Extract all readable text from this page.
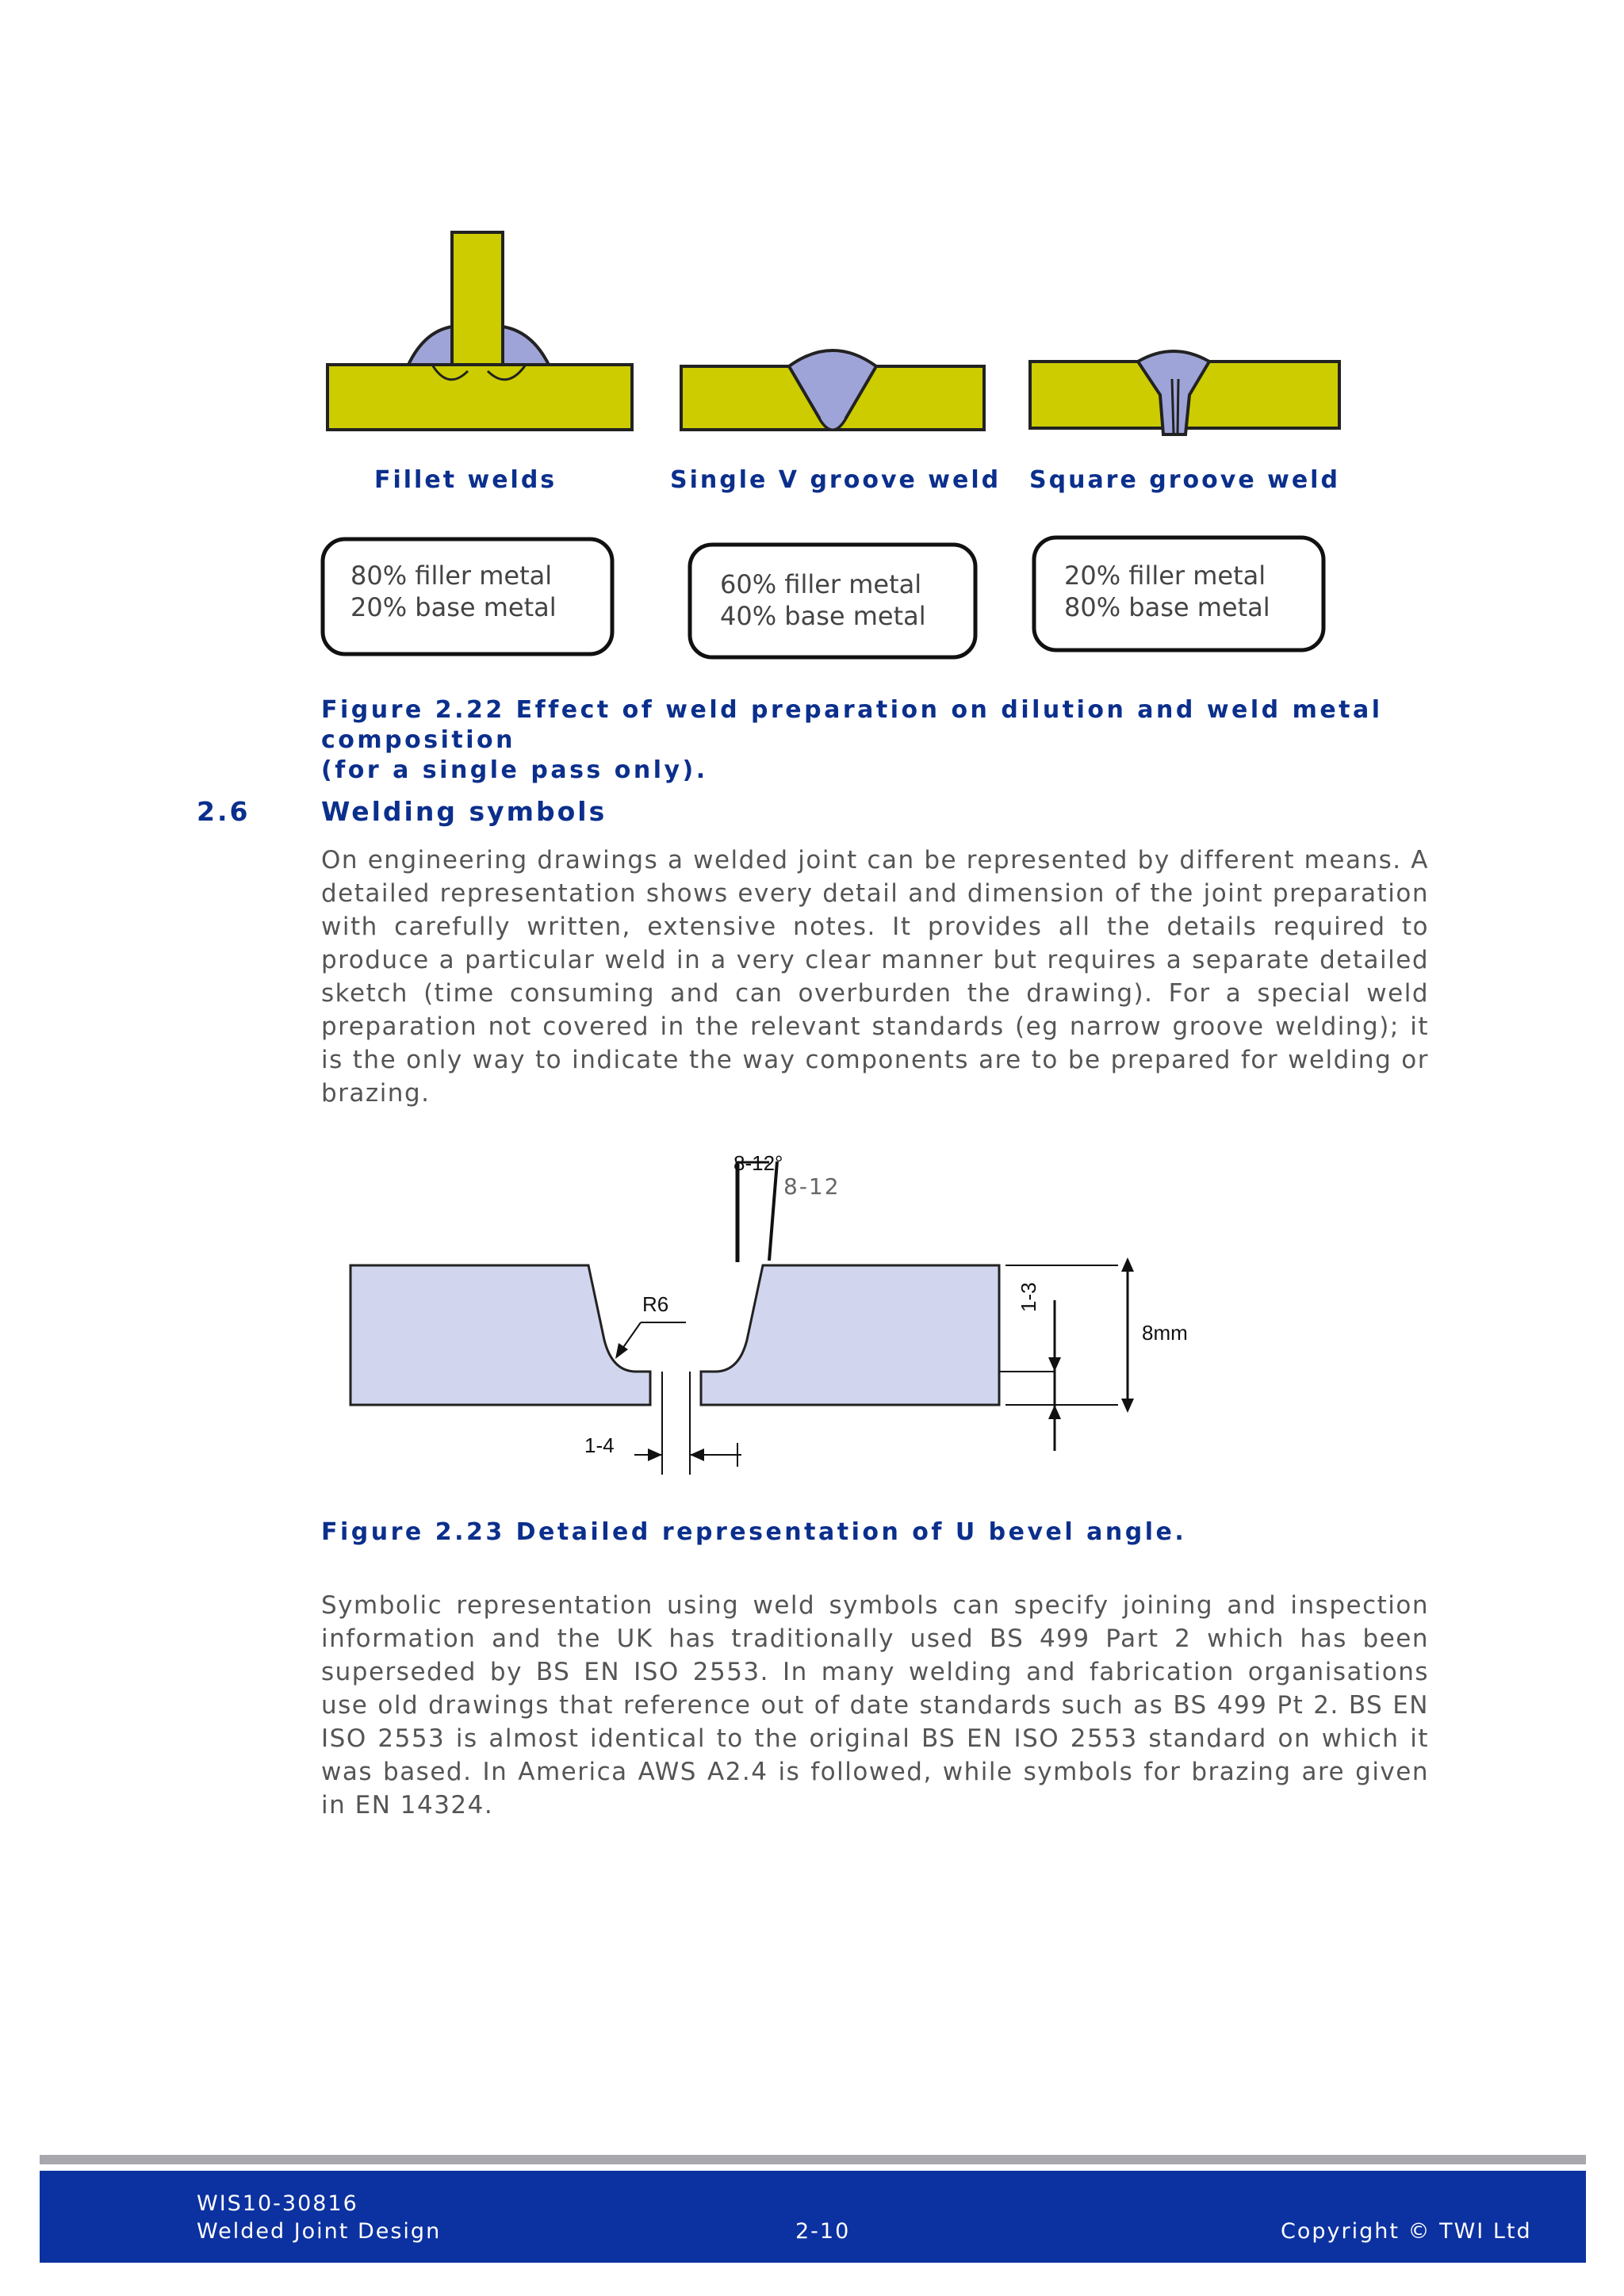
Fillet welds	Single V groove weld Square groove weld
80% filler metal
20% base metal
60% filler metal
40% base metal
20% filler metal
80% base metal
Figure 2.22 Effect of weld preparation on dilution and weld metal composition
(for a single pass only).
2.6	Welding symbols
On engineering drawings a welded joint can be represented by different means. A detailed representation shows every detail and dimension of the joint preparation with carefully written, extensive notes. It provides all the details required to produce a particular weld in a very clear manner but requires a separate detailed sketch (time consuming and can overburden the drawing). For a special weld preparation not covered in the relevant standards (eg narrow groove welding); it is the only way to indicate the way components are to be prepared for welding or brazing.
8-12°
8-12
R6	1-3
8mm
1-4
Figure 2.23 Detailed representation of U bevel angle.
Symbolic representation using weld symbols can specify joining and inspection information and the UK has traditionally used BS 499 Part 2 which has been superseded by BS EN ISO 2553. In many welding and fabrication organisations use old drawings that reference out of date standards such as BS 499 Pt 2. BS EN ISO 2553 is almost identical to the original BS EN ISO 2553 standard on which it was based. In America AWS A2.4 is followed, while symbols for brazing are given in EN 14324.
WIS10-30816
Welded Joint Design	2-10	Copyright © TWI Ltd
